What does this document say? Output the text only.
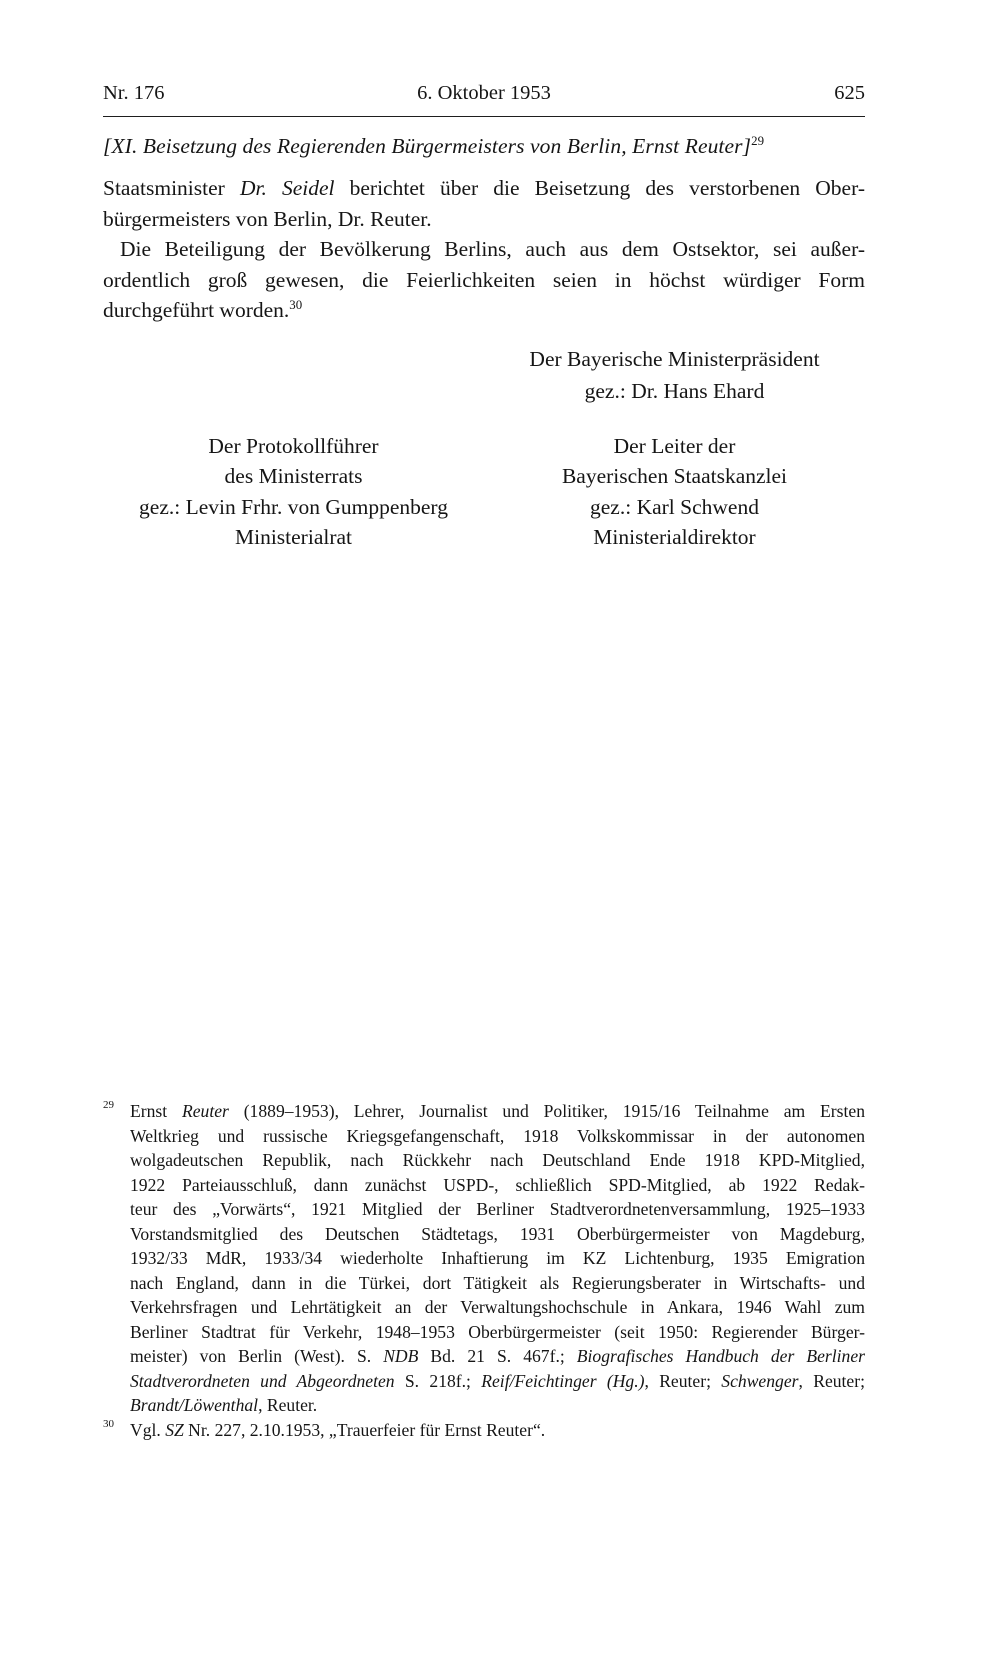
Nr. 176	6. Oktober 1953	625
[XI. Beisetzung des Regierenden Bürgermeisters von Berlin, Ernst Reuter]$^{29}$
Staatsminister Dr. Seidel berichtet über die Beisetzung des verstorbenen Ober-
bürgermeisters von Berlin, Dr. Reuter.
Die Beteiligung der Bevölkerung Berlins, auch aus dem Ostsektor, sei außer-
ordentlich groß gewesen, die Feierlichkeiten seien in höchst würdiger Form
durchgeführt worden.$^{30}$
Der Bayerische Ministerpräsident
gez.: Dr. Hans Ehard
Der Protokollführer
des Ministerrats
gez.: Levin Frhr. von Gumppenberg
Ministerialrat
Der Leiter der
Bayerischen Staatskanzlei
gez.: Karl Schwend
Ministerialdirektor
$^{29}$ Ernst Reuter (1889–1953), Lehrer, Journalist und Politiker, 1915/16 Teilnahme am Ersten
Weltkrieg und russische Kriegsgefangenschaft, 1918 Volkskommissar in der autonomen
wolgadeutschen Republik, nach Rückkehr nach Deutschland Ende 1918 KPD-Mitglied,
1922 Parteiausschluß, dann zunächst USPD-, schließlich SPD-Mitglied, ab 1922 Redak-
teur des „Vorwärts“, 1921 Mitglied der Berliner Stadtverordnetenversammlung, 1925–1933
Vorstandsmitglied des Deutschen Städtetags, 1931 Oberbürgermeister von Magdeburg,
1932/33 MdR, 1933/34 wiederholte Inhaftierung im KZ Lichtenburg, 1935 Emigration
nach England, dann in die Türkei, dort Tätigkeit als Regierungsberater in Wirtschafts- und
Verkehrsfragen und Lehrtätigkeit an der Verwaltungshochschule in Ankara, 1946 Wahl zum
Berliner Stadtrat für Verkehr, 1948–1953 Oberbürgermeister (seit 1950: Regierender Bürger-
meister) von Berlin (West). S. NDB Bd. 21 S. 467f.; Biografisches Handbuch der Berliner
Stadtverordneten und Abgeordneten S. 218f.; Reif/Feichtinger (Hg.), Reuter; Schwenger, Reuter;
Brandt/Löwenthal, Reuter.
$^{30}$ Vgl. SZ Nr. 227, 2.10.1953, „Trauerfeier für Ernst Reuter“.
